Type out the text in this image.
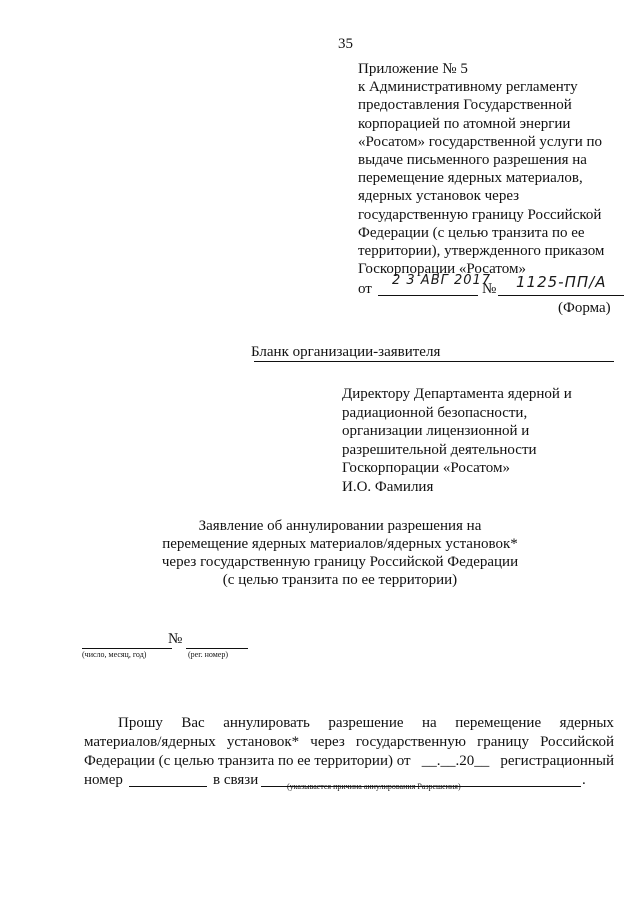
35
Приложение № 5
к Административному регламенту
предоставления Государственной
корпорацией по атомной энергии
«Росатом» государственной услуги по
выдаче письменного разрешения на
перемещение ядерных материалов,
ядерных установок через
государственную границу Российской
Федерации (с целью транзита по ее
территории), утвержденного приказом
Госкорпорации «Росатом»
от
2 3 АВГ 2017
№ 1125-ПП/А
(Форма)
Бланк организации-заявителя
Директору Департамента ядерной и
радиационной безопасности,
организации лицензионной и
разрешительной деятельности
Госкорпорации «Росатом»
И.О. Фамилия
Заявление об аннулировании разрешения на
перемещение ядерных материалов/ядерных установок*
через государственную границу Российской Федерации
(с целью транзита по ее территории)
№
(число, месяц, год)	(рег. номер)
Прошу Вас аннулировать разрешение на перемещение ядерных
материалов/ядерных установок* через государственную границу Российской
Федерации (с целью транзита по ее территории) от __.__.20__ регистрационный
номер	в связи	.
(указывается причина аннулирования Разрешения)
